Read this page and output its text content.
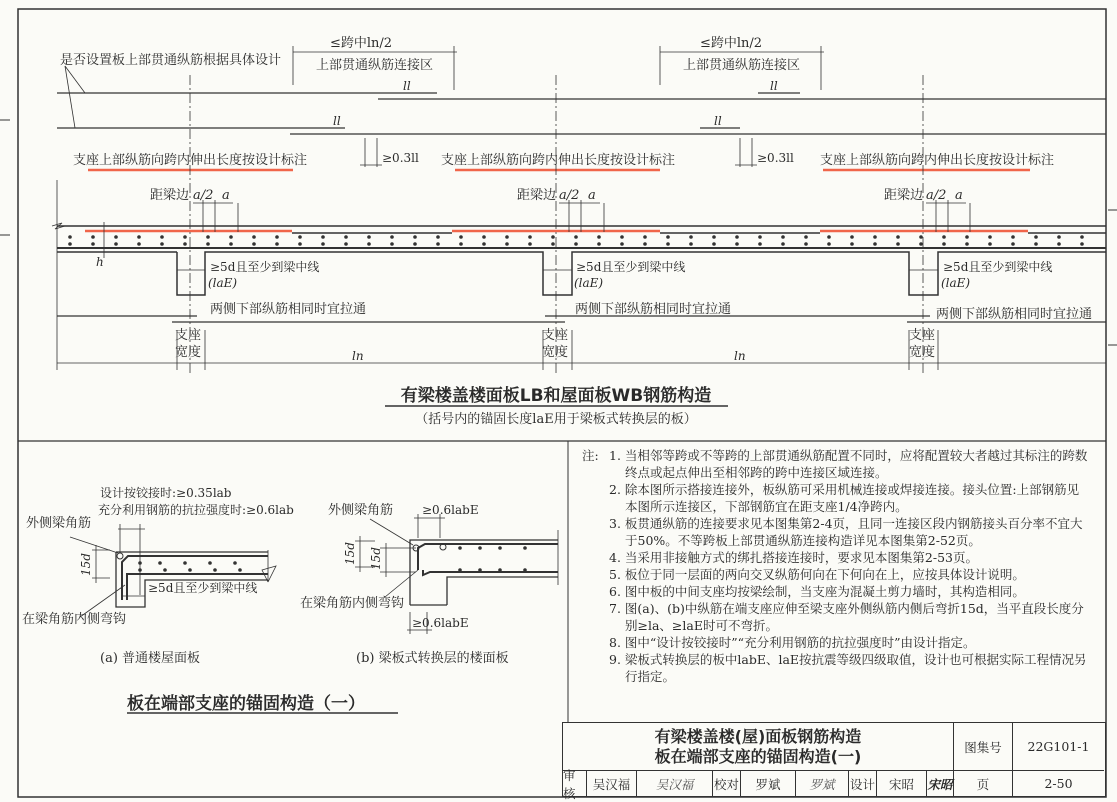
是否设置板上部贯通纵筋根据具体设计
≤跨中ln/2	≤跨中ln/2
上部贯通纵筋连接区	上部贯通纵筋连接区
ll
ll
ll
ll
支座上部纵筋向跨内伸出长度按设计标注	支座上部纵筋向跨内伸出长度按设计标注	支座上部纵筋向跨内伸出长度按设计标注
≥0.3ll	≥0.3ll
距梁边	距梁边	距梁边
a/2	a/2	a/2
a	a	a
h	≥5d且至少到梁中线	≥5d且至少到梁中线	≥5d且至少到梁中线
(laE)	(laE)	(laE)
两侧下部纵筋相同时宜拉通	两侧下部纵筋相同时宜拉通	两侧下部纵筋相同时宜拉通
支座
宽度
支座
宽度
支座
宽度
ln	ln
有梁楼盖楼面板LB和屋面板WB钢筋构造
（括号内的锚固长度laE用于梁板式转换层的板）
设计按铰接时:≥0.35lab
充分利用钢筋的抗拉强度时:≥0.6lab
外侧梁角筋
15d
≥5d且至少到梁中线
在梁角筋内侧弯钩
(a) 普通楼屋面板
外侧梁角筋 ≥0.6labE
15d 15d
在梁角筋内侧弯钩
≥0.6labE
(b) 梁板式转换层的楼面板
板在端部支座的锚固构造（一）
注: 1. 当相邻等跨或不等跨的上部贯通纵筋配置不同时，应将配置较大者越过其标注的跨数终点或起点伸出至相邻跨的跨中连接区域连接。
2. 除本图所示搭接连接外，板纵筋可采用机械连接或焊接连接。接头位置:上部钢筋见本图所示连接区，下部钢筋宜在距支座1/4净跨内。
3. 板贯通纵筋的连接要求见本图集第2-4页，且同一连接区段内钢筋接头百分率不宜大于50%。不等跨板上部贯通纵筋连接构造详见本图集第2-52页。
4. 当采用非接触方式的绑扎搭接连接时，要求见本图集第2-53页。
5. 板位于同一层面的两向交叉纵筋何向在下何向在上，应按具体设计说明。
6. 图中板的中间支座均按梁绘制，当支座为混凝土剪力墙时，其构造相同。
7. 图(a)、(b)中纵筋在端支座应伸至梁支座外侧纵筋内侧后弯折15d，当平直段长度分别≥la、≥laE时可不弯折。
8. 图中“设计按铰接时”“充分利用钢筋的抗拉强度时”由设计指定。
9. 梁板式转换层的板中labE、laE按抗震等级四级取值，设计也可根据实际工程情况另行指定。
有梁楼盖楼(屋)面板钢筋构造
板在端部支座的锚固构造(一)	图集号	22G101-1
审核
吴汉福	吴汉福	校对	罗斌	罗斌	设计	宋昭	宋昭	页	2-50
